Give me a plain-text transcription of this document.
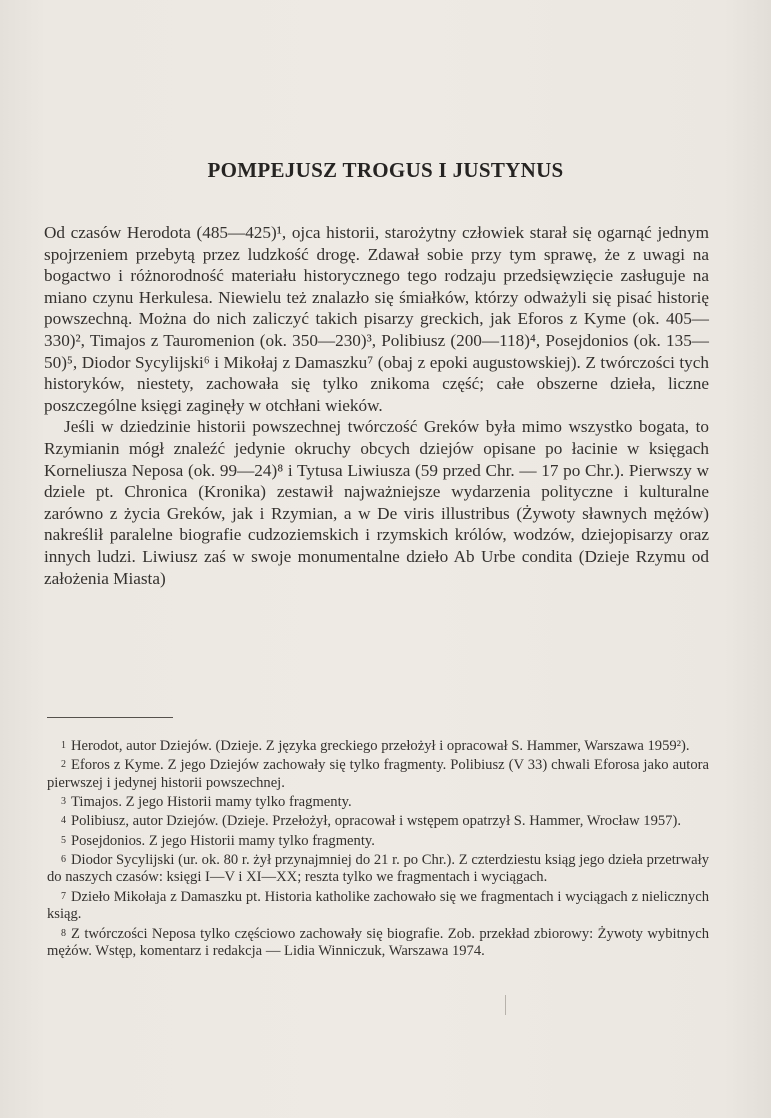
POMPEJUSZ TROGUS I JUSTYNUS

Od czasów Herodota (485—425)¹, ojca historii, starożytny człowiek starał się ogarnąć jednym spojrzeniem przebytą przez ludzkość drogę. Zdawał sobie przy tym sprawę, że z uwagi na bogactwo i różnorodność materiału historycznego tego rodzaju przedsięwzięcie zasługuje na miano czynu Herkulesa. Niewielu też znalazło się śmiałków, którzy odważyli się pisać historię powszechną. Można do nich zaliczyć takich pisarzy greckich, jak Eforos z Kyme (ok. 405—330)², Timajos z Tauromenion (ok. 350—230)³, Polibiusz (200—118)⁴, Posejdonios (ok. 135—50)⁵, Diodor Sycylijski⁶ i Mikołaj z Damaszku⁷ (obaj z epoki augustowskiej). Z twórczości tych historyków, niestety, zachowała się tylko znikoma część; całe obszerne dzieła, liczne poszczególne księgi zaginęły w otchłani wieków.

Jeśli w dziedzinie historii powszechnej twórczość Greków była mimo wszystko bogata, to Rzymianin mógł znaleźć jedynie okruchy obcych dziejów opisane po łacinie w księgach Korneliusza Neposa (ok. 99—24)⁸ i Tytusa Liwiusza (59 przed Chr. — 17 po Chr.). Pierwszy w dziele pt. Chronica (Kronika) zestawił najważniejsze wydarzenia polityczne i kulturalne zarówno z życia Greków, jak i Rzymian, a w De viris illustribus (Żywoty sławnych mężów) nakreślił paralelne biografie cudzoziemskich i rzymskich królów, wodzów, dziejopisarzy oraz innych ludzi. Liwiusz zaś w swoje monumentalne dzieło Ab Urbe condita (Dzieje Rzymu od założenia Miasta)

1 Herodot, autor Dziejów. (Dzieje. Z języka greckiego przełożył i opracował S. Hammer, Warszawa 1959²).

2 Eforos z Kyme. Z jego Dziejów zachowały się tylko fragmenty. Polibiusz (V 33) chwali Eforosa jako autora pierwszej i jedynej historii powszechnej.

3 Timajos. Z jego Historii mamy tylko fragmenty.

4 Polibiusz, autor Dziejów. (Dzieje. Przełożył, opracował i wstępem opatrzył S. Hammer, Wrocław 1957).

5 Posejdonios. Z jego Historii mamy tylko fragmenty.

6 Diodor Sycylijski (ur. ok. 80 r. żył przynajmniej do 21 r. po Chr.). Z czterdziestu ksiąg jego dzieła przetrwały do naszych czasów: księgi I—V i XI—XX; reszta tylko we fragmentach i wyciągach.

7 Dzieło Mikołaja z Damaszku pt. Historia katholike zachowało się we fragmentach i wyciągach z nielicznych ksiąg.

8 Z twórczości Neposa tylko częściowo zachowały się biografie. Zob. przekład zbiorowy: Żywoty wybitnych mężów. Wstęp, komentarz i redakcja — Lidia Winniczuk, Warszawa 1974.
